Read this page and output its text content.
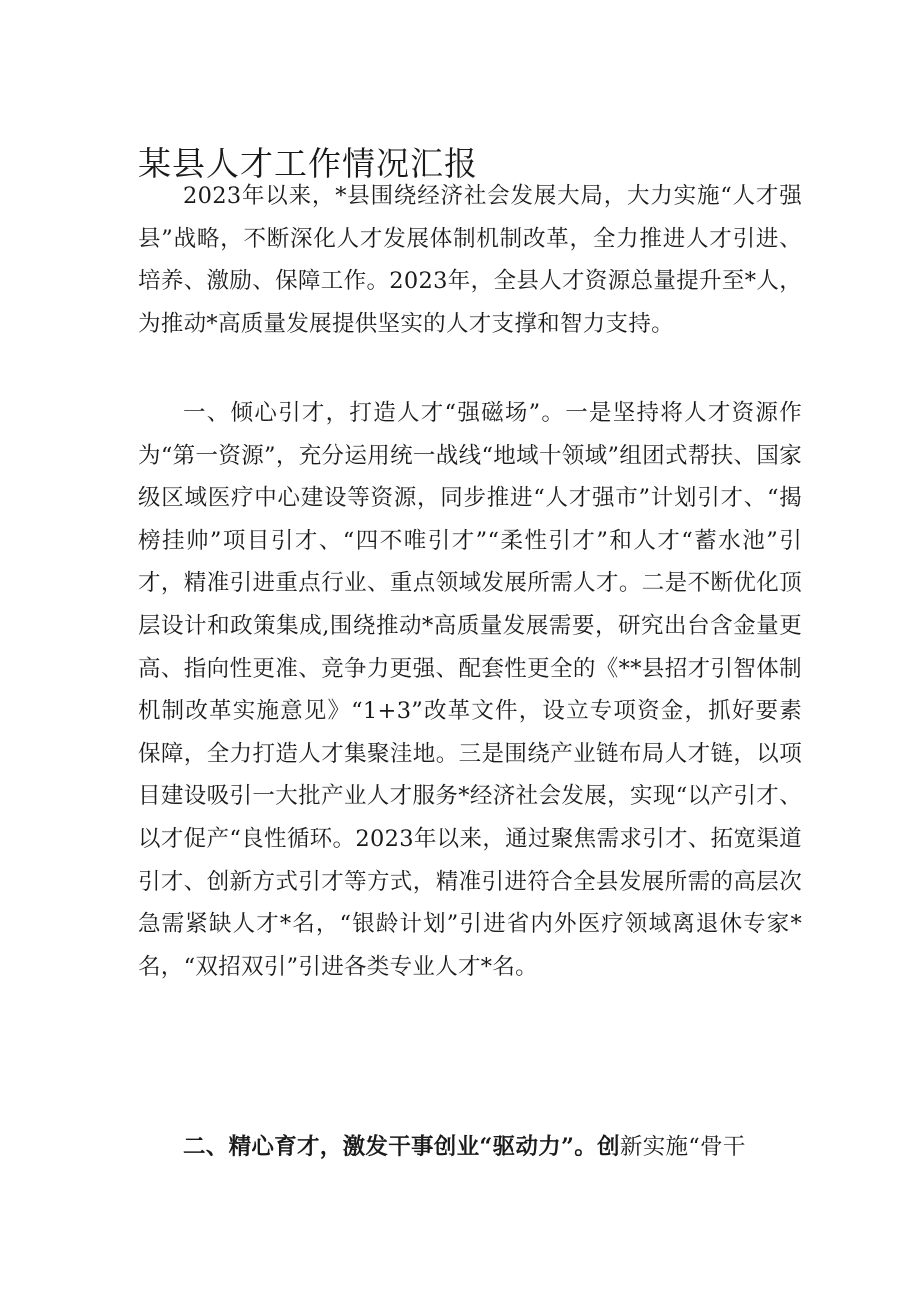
某县人才工作情况汇报

2023年以来，*县围绕经济社会发展大局，大力实施“人才强县”战略，不断深化人才发展体制机制改革，全力推进人才引进、培养、激励、保障工作。2023年，全县人才资源总量提升至*人，为推动*高质量发展提供坚实的人才支撑和智力支持。

一、倾心引才，打造人才“强磁场”。一是坚持将人才资源作为“第一资源”，充分运用统一战线“地域十领域”组团式帮扶、国家级区域医疗中心建设等资源，同步推进“人才强市”计划引才、“揭榜挂帅”项目引才、“四不唯引才”“柔性引才”和人才“蓄水池”引才，精准引进重点行业、重点领域发展所需人才。二是不断优化顶层设计和政策集成,围绕推动*高质量发展需要，研究出台含金量更高、指向性更准、竞争力更强、配套性更全的《**县招才引智体制机制改革实施意见》“1+3”改革文件，设立专项资金，抓好要素保障，全力打造人才集聚洼地。三是围绕产业链布局人才链，以项目建设吸引一大批产业人才服务*经济社会发展，实现“以产引才、以才促产“良性循环。2023年以来，通过聚焦需求引才、拓宽渠道引才、创新方式引才等方式，精准引进符合全县发展所需的高层次急需紧缺人才*名，“银龄计划”引进省内外医疗领域离退休专家*名，“双招双引”引进各类专业人才*名。

二、精心育才，激发干事创业“驱动力”。创新实施“骨干
